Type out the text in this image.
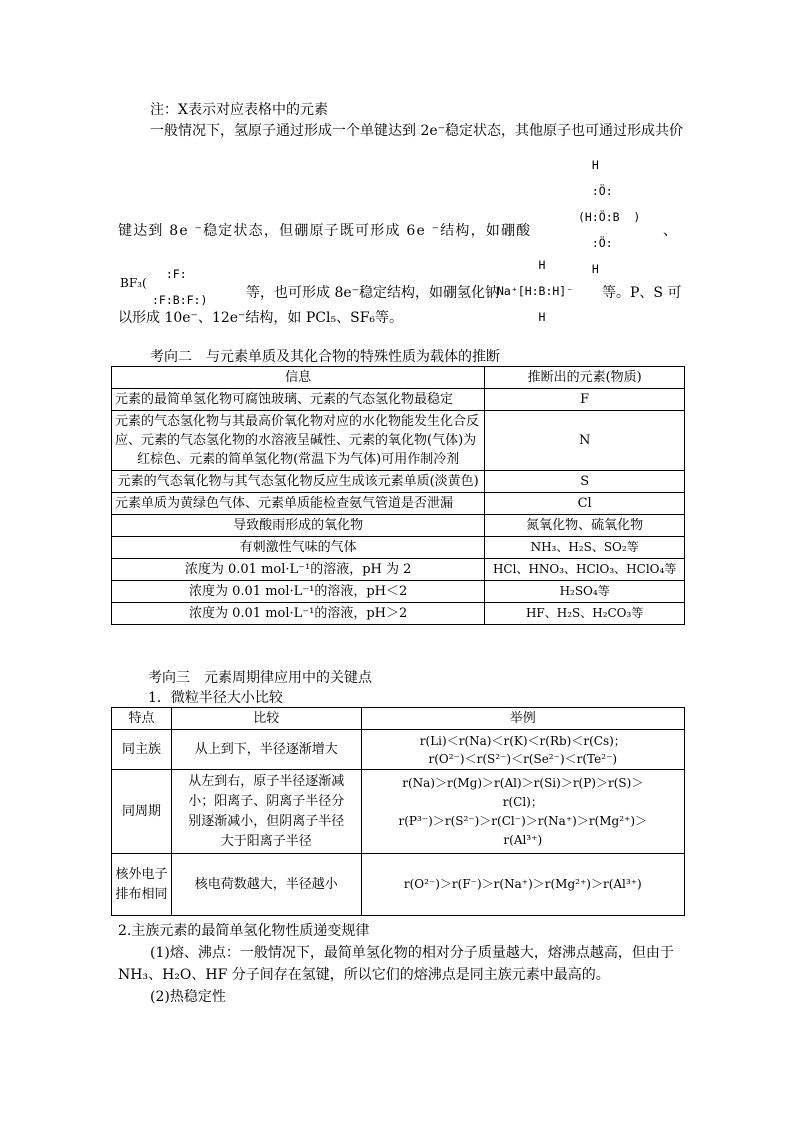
注：X表示对应表格中的元素
一般情况下，氢原子通过形成一个单键达到 2e⁻稳定状态，其他原子也可通过形成共价

H

:Ö:

(H:Ö:B  )

:Ö:

H
键达到 8e ⁻稳定状态，但硼原子既可形成 6e ⁻结构，如硼酸	、
BF₃(

:F:

:F:B:F:)

	等，也可形成 8e⁻稳定结构，如硼氢化钠

H

Na⁺[H:B:H]⁻

H
等。P、S 可
以形成 10e⁻、12e⁻结构，如 PCl₅、SF₆等。
考向二　与元素单质及其化合物的特殊性质为载体的推断
信息	推断出的元素(物质)
元素的最简单氢化物可腐蚀玻璃、元素的气态氢化物最稳定	F
元素的气态氢化物与其最高价氧化物对应的水化物能发生化合反应、元素的气态氢化物的水溶液呈碱性、元素的氧化物(气体)为红棕色、元素的简单氢化物(常温下为气体)可用作制冷剂	N
元素的气态氧化物与其气态氢化物反应生成该元素单质(淡黄色)	S
元素单质为黄绿色气体、元素单质能检查氨气管道是否泄漏	Cl
导致酸雨形成的氧化物	氮氧化物、硫氧化物
有刺激性气味的气体	NH₃、H₂S、SO₂等
浓度为 0.01 mol·L⁻¹的溶液，pH 为 2	HCl、HNO₃、HClO₃、HClO₄等
浓度为 0.01 mol·L⁻¹的溶液，pH＜2	H₂SO₄等
浓度为 0.01 mol·L⁻¹的溶液，pH＞2	HF、H₂S、H₂CO₃等
考向三　元素周期律应用中的关键点
1．微粒半径大小比较
特点	比较	举例
同主族	从上到下，半径逐渐增大	r(Li)＜r(Na)＜r(K)＜r(Rb)＜r(Cs)；
r(O²⁻)＜r(S²⁻)＜r(Se²⁻)＜r(Te²⁻)
同周期	从左到右，原子半径逐渐减小；阳离子、阴离子半径分别逐渐减小，但阴离子半径大于阳离子半径	r(Na)＞r(Mg)＞r(Al)＞r(Si)＞r(P)＞r(S)＞
r(Cl)；
r(P³⁻)＞r(S²⁻)＞r(Cl⁻)＞r(Na⁺)＞r(Mg²⁺)＞
r(Al³⁺)
核外电子排布相同	核电荷数越大，半径越小	r(O²⁻)＞r(F⁻)＞r(Na⁺)＞r(Mg²⁺)＞r(Al³⁺)
2.主族元素的最简单氢化物性质递变规律
(1)熔、沸点：一般情况下，最简单氢化物的相对分子质量越大，熔沸点越高，但由于
NH₃、H₂O、HF 分子间存在氢键，所以它们的熔沸点是同主族元素中最高的。
(2)热稳定性
